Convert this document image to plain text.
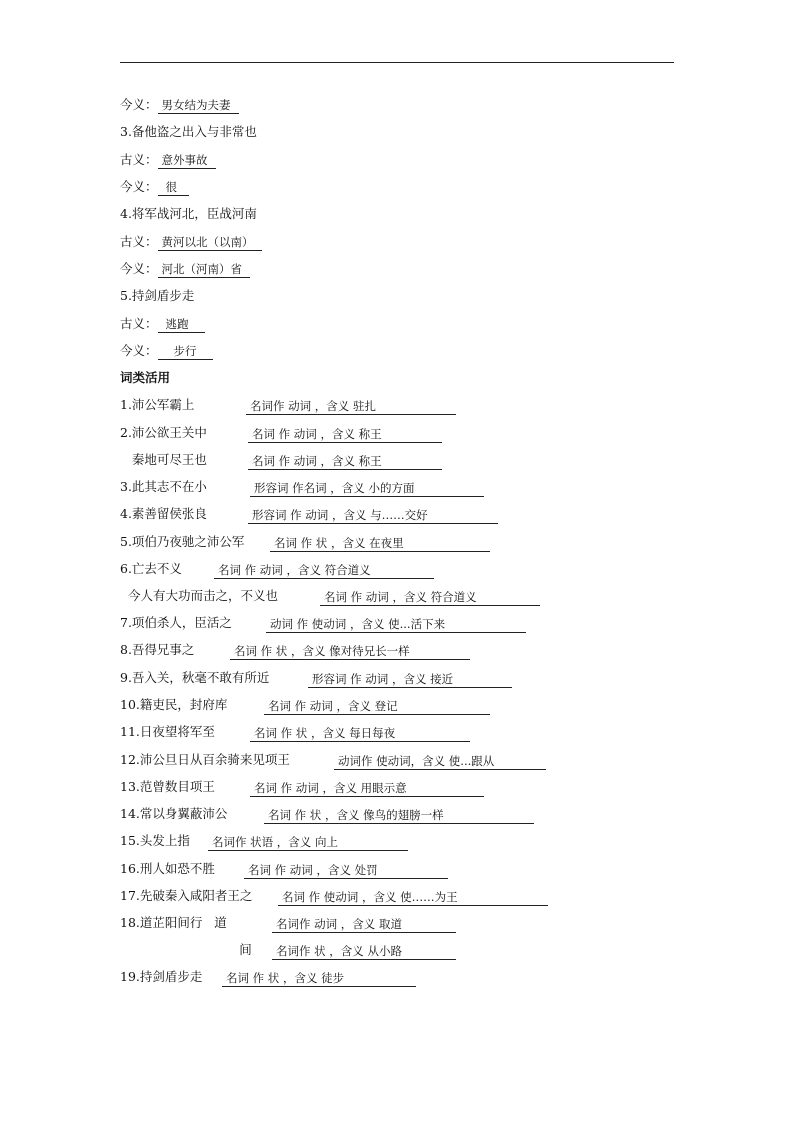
今义： 男女结为夫妻
3.备他盗之出入与非常也
古义： 意外事故
今义： 很
4.将军战河北，臣战河南
古义： 黄河以北（以南）
今义： 河北（河南）省
5.持剑盾步走
古义： 逃跑
今义： 步行
词类活用
1.沛公军霸上	名词作 动词 ，含义 驻扎
2.沛公欲王关中	名词 作 动词 ，含义 称王
秦地可尽王也	名词 作 动词 ，含义 称王
3.此其志不在小	形容词 作名词 ，含义 小的方面
4.素善留侯张良	形容词 作 动词 ，含义 与……交好
5.项伯乃夜驰之沛公军	名词 作 状 ，含义 在夜里
6.亡去不义	名词 作 动词 ，含义 符合道义
今人有大功而击之，不义也	名词 作 动词 ，含义 符合道义
7.项伯杀人，臣活之	动词 作 使动词 ，含义 使...活下来
8.吾得兄事之	名词 作 状 ，含义 像对待兄长一样
9.吾入关，秋毫不敢有所近	形容词 作 动词 ，含义 接近
10.籍吏民，封府库	名词 作 动词 ，含义 登记
11.日夜望将军至	名词 作 状 ，含义 每日每夜
12.沛公旦日从百余骑来见项王	动词作 使动词，含义 使...跟从
13.范曾数目项王	名词 作 动词 ，含义 用眼示意
14.常以身翼蔽沛公	名词 作 状 ，含义 像鸟的翅膀一样
15.头发上指	名词作 状语 ，含义 向上
16.刑人如恐不胜	名词 作 动词 ，含义 处罚
17.先破秦入咸阳者王之	名词 作 使动词 ，含义 使……为王
18.道芷阳间行   道	名词作 动词 ，含义 取道
间	名词作 状 ，含义 从小路
19.持剑盾步走	名词 作 状 ，含义 徒步
